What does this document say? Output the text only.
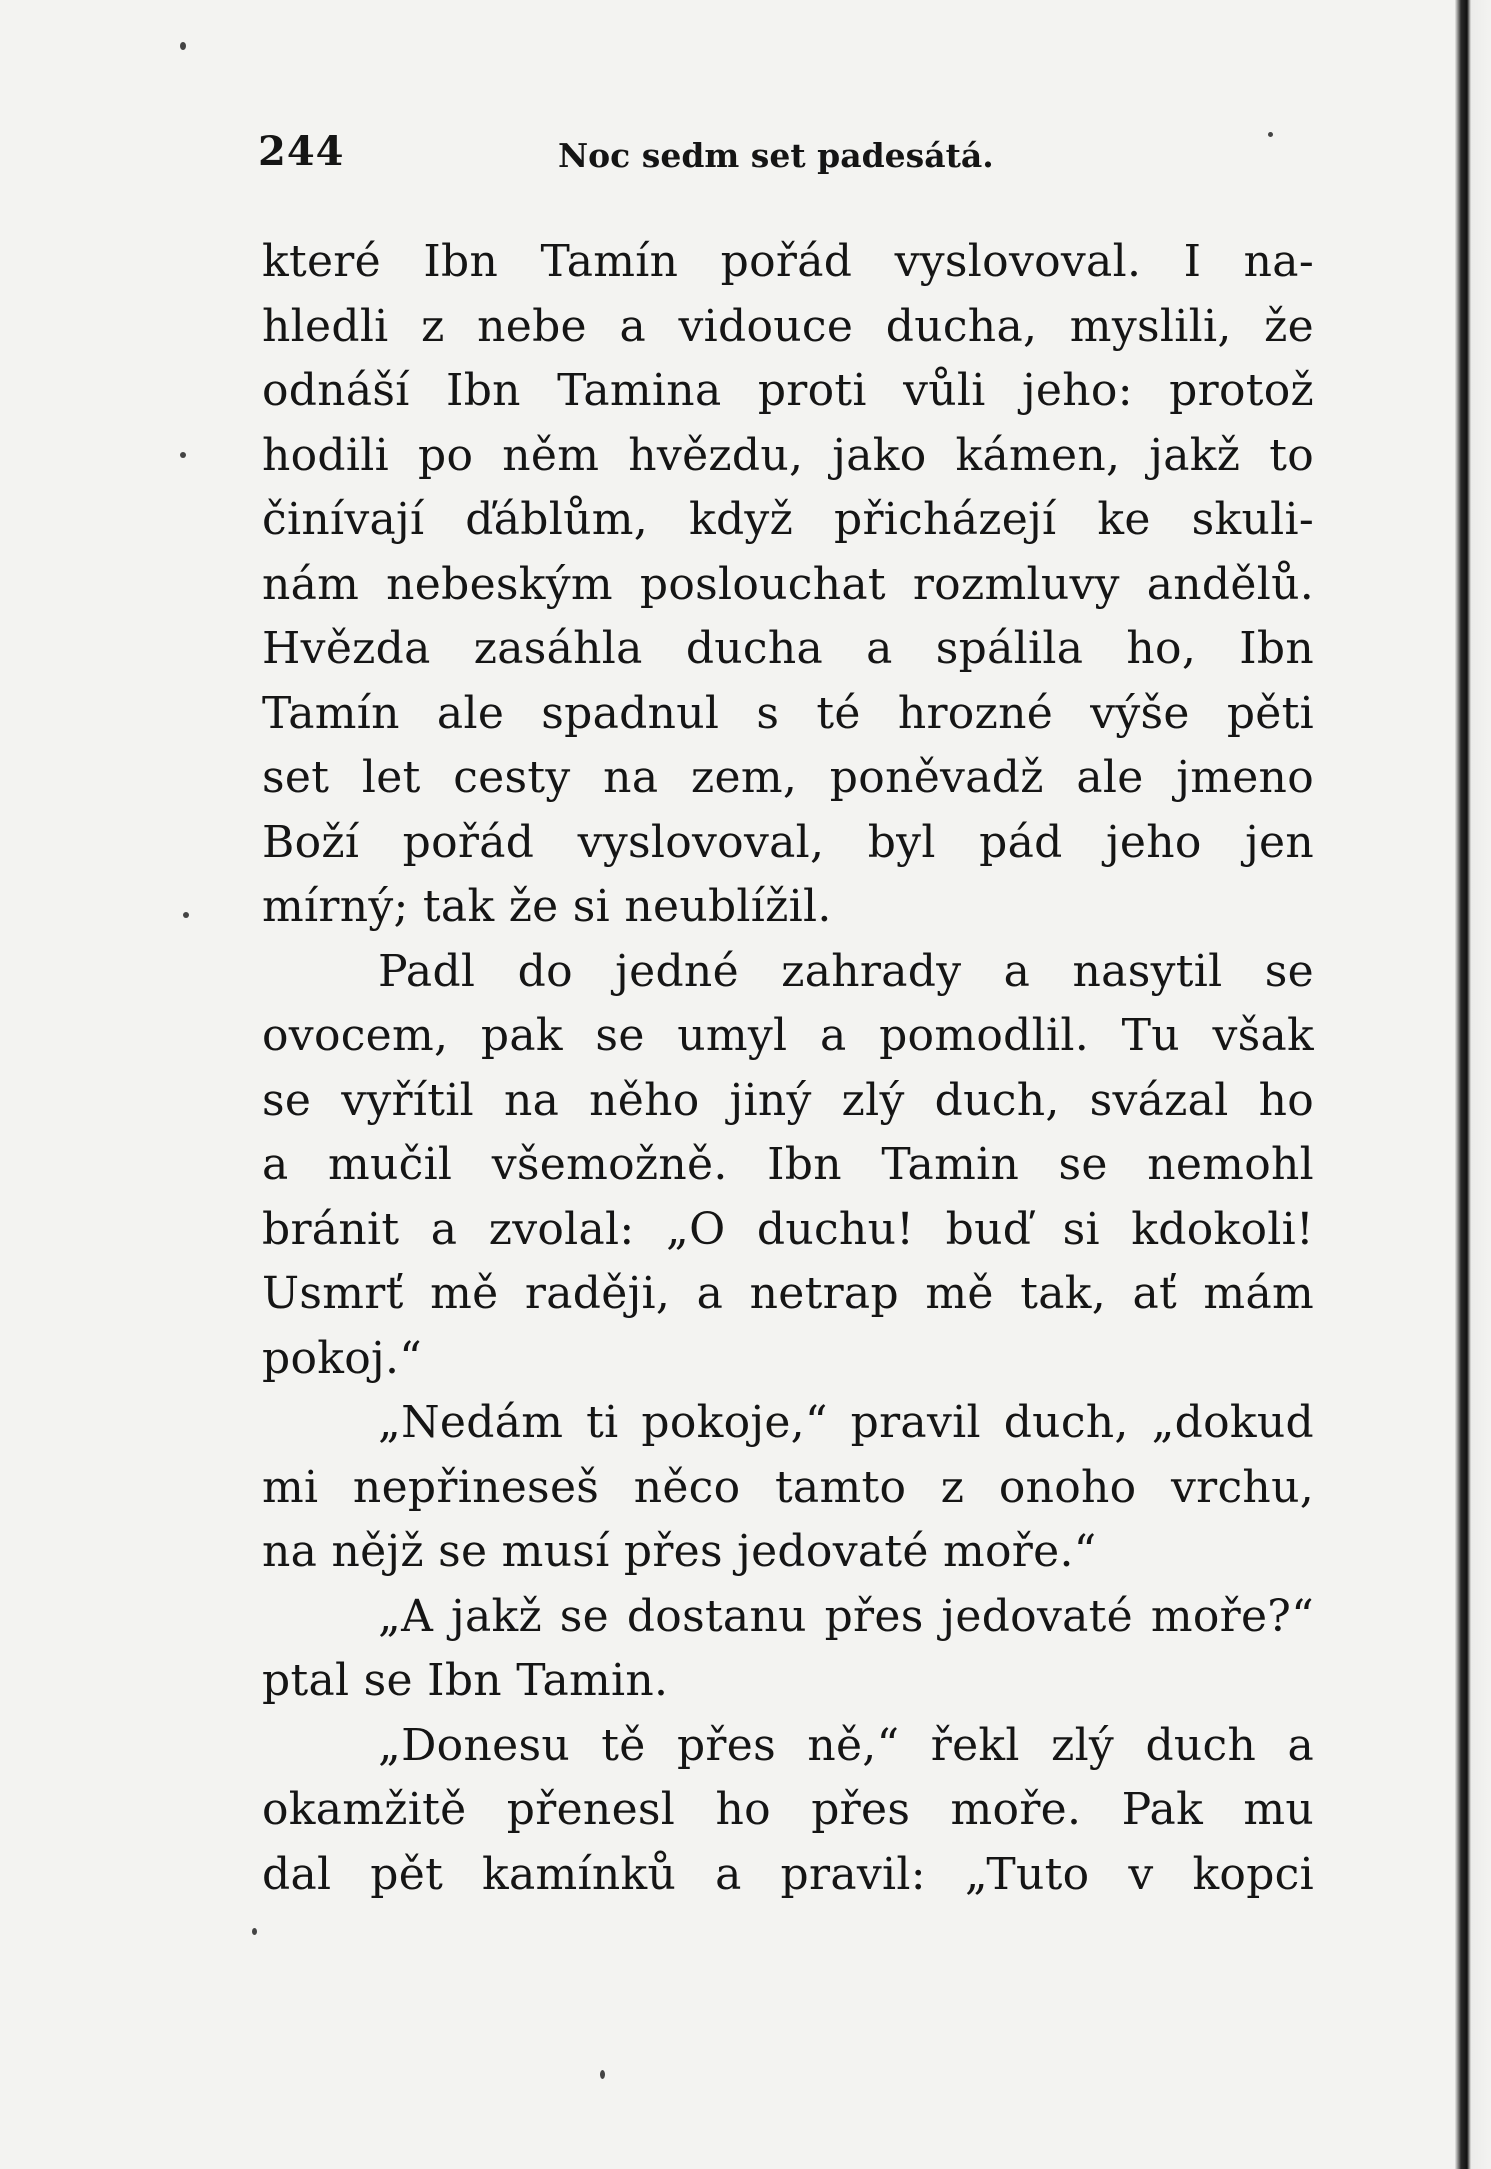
244	Noc sedm set padesátá.
které Ibn Tamín pořád vyslovoval. I na-
hledli z nebe a vidouce ducha, myslili, že
odnáší Ibn Tamina proti vůli jeho: protož
hodili po něm hvězdu, jako kámen, jakž to
činívají ďáblům, když přicházejí ke skuli-
nám nebeským poslouchat rozmluvy andělů.
Hvězda zasáhla ducha a spálila ho, Ibn
Tamín ale spadnul s té hrozné výše pěti
set let cesty na zem, poněvadž ale jmeno
Boží pořád vyslovoval, byl pád jeho jen
mírný; tak že si neublížil.
Padl do jedné zahrady a nasytil se
ovocem, pak se umyl a pomodlil. Tu však
se vyřítil na něho jiný zlý duch, svázal ho
a mučil všemožně. Ibn Tamin se nemohl
bránit a zvolal: „O duchu! buď si kdokoli!
Usmrť mě raději, a netrap mě tak, ať mám
pokoj.“
„Nedám ti pokoje,“ pravil duch, „dokud
mi nepřineseš něco tamto z onoho vrchu,
na nějž se musí přes jedovaté moře.“
„A jakž se dostanu přes jedovaté moře?“
ptal se Ibn Tamin.
„Donesu tě přes ně,“ řekl zlý duch a
okamžitě přenesl ho přes moře. Pak mu
dal pět kamínků a pravil: „Tuto v kopci
